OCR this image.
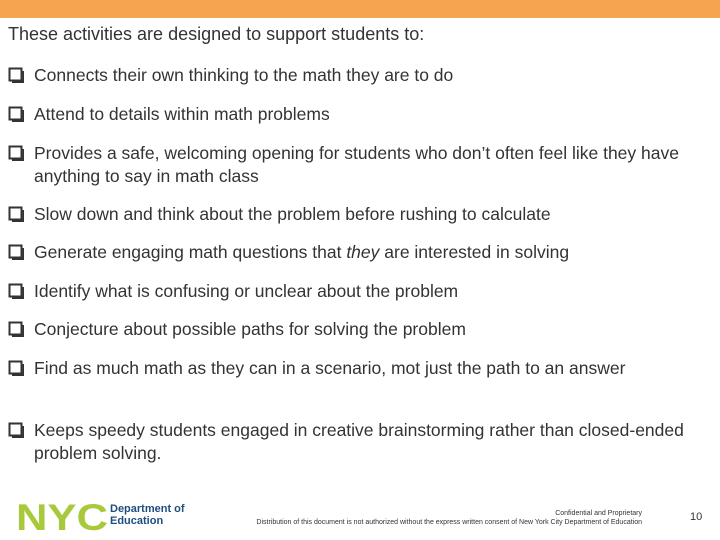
These activities are designed to support students to:
Connects their own thinking to the math they are to do
Attend to details within math problems
Provides a safe, welcoming opening for students who don’t often feel like they have anything to say in math class
Slow down and think about the problem before rushing to calculate
Generate engaging math questions that they are interested in solving
Identify what is confusing or unclear about the problem
Conjecture about possible paths for solving the problem
Find as much math as they can in a scenario, mot just the path to an answer
Keeps speedy students engaged in creative brainstorming rather than closed-ended problem solving.
NYC Department of
Education
Confidential and Proprietary
Distribution of this document is not authorized without the express written consent of New York City Department of Education	10
